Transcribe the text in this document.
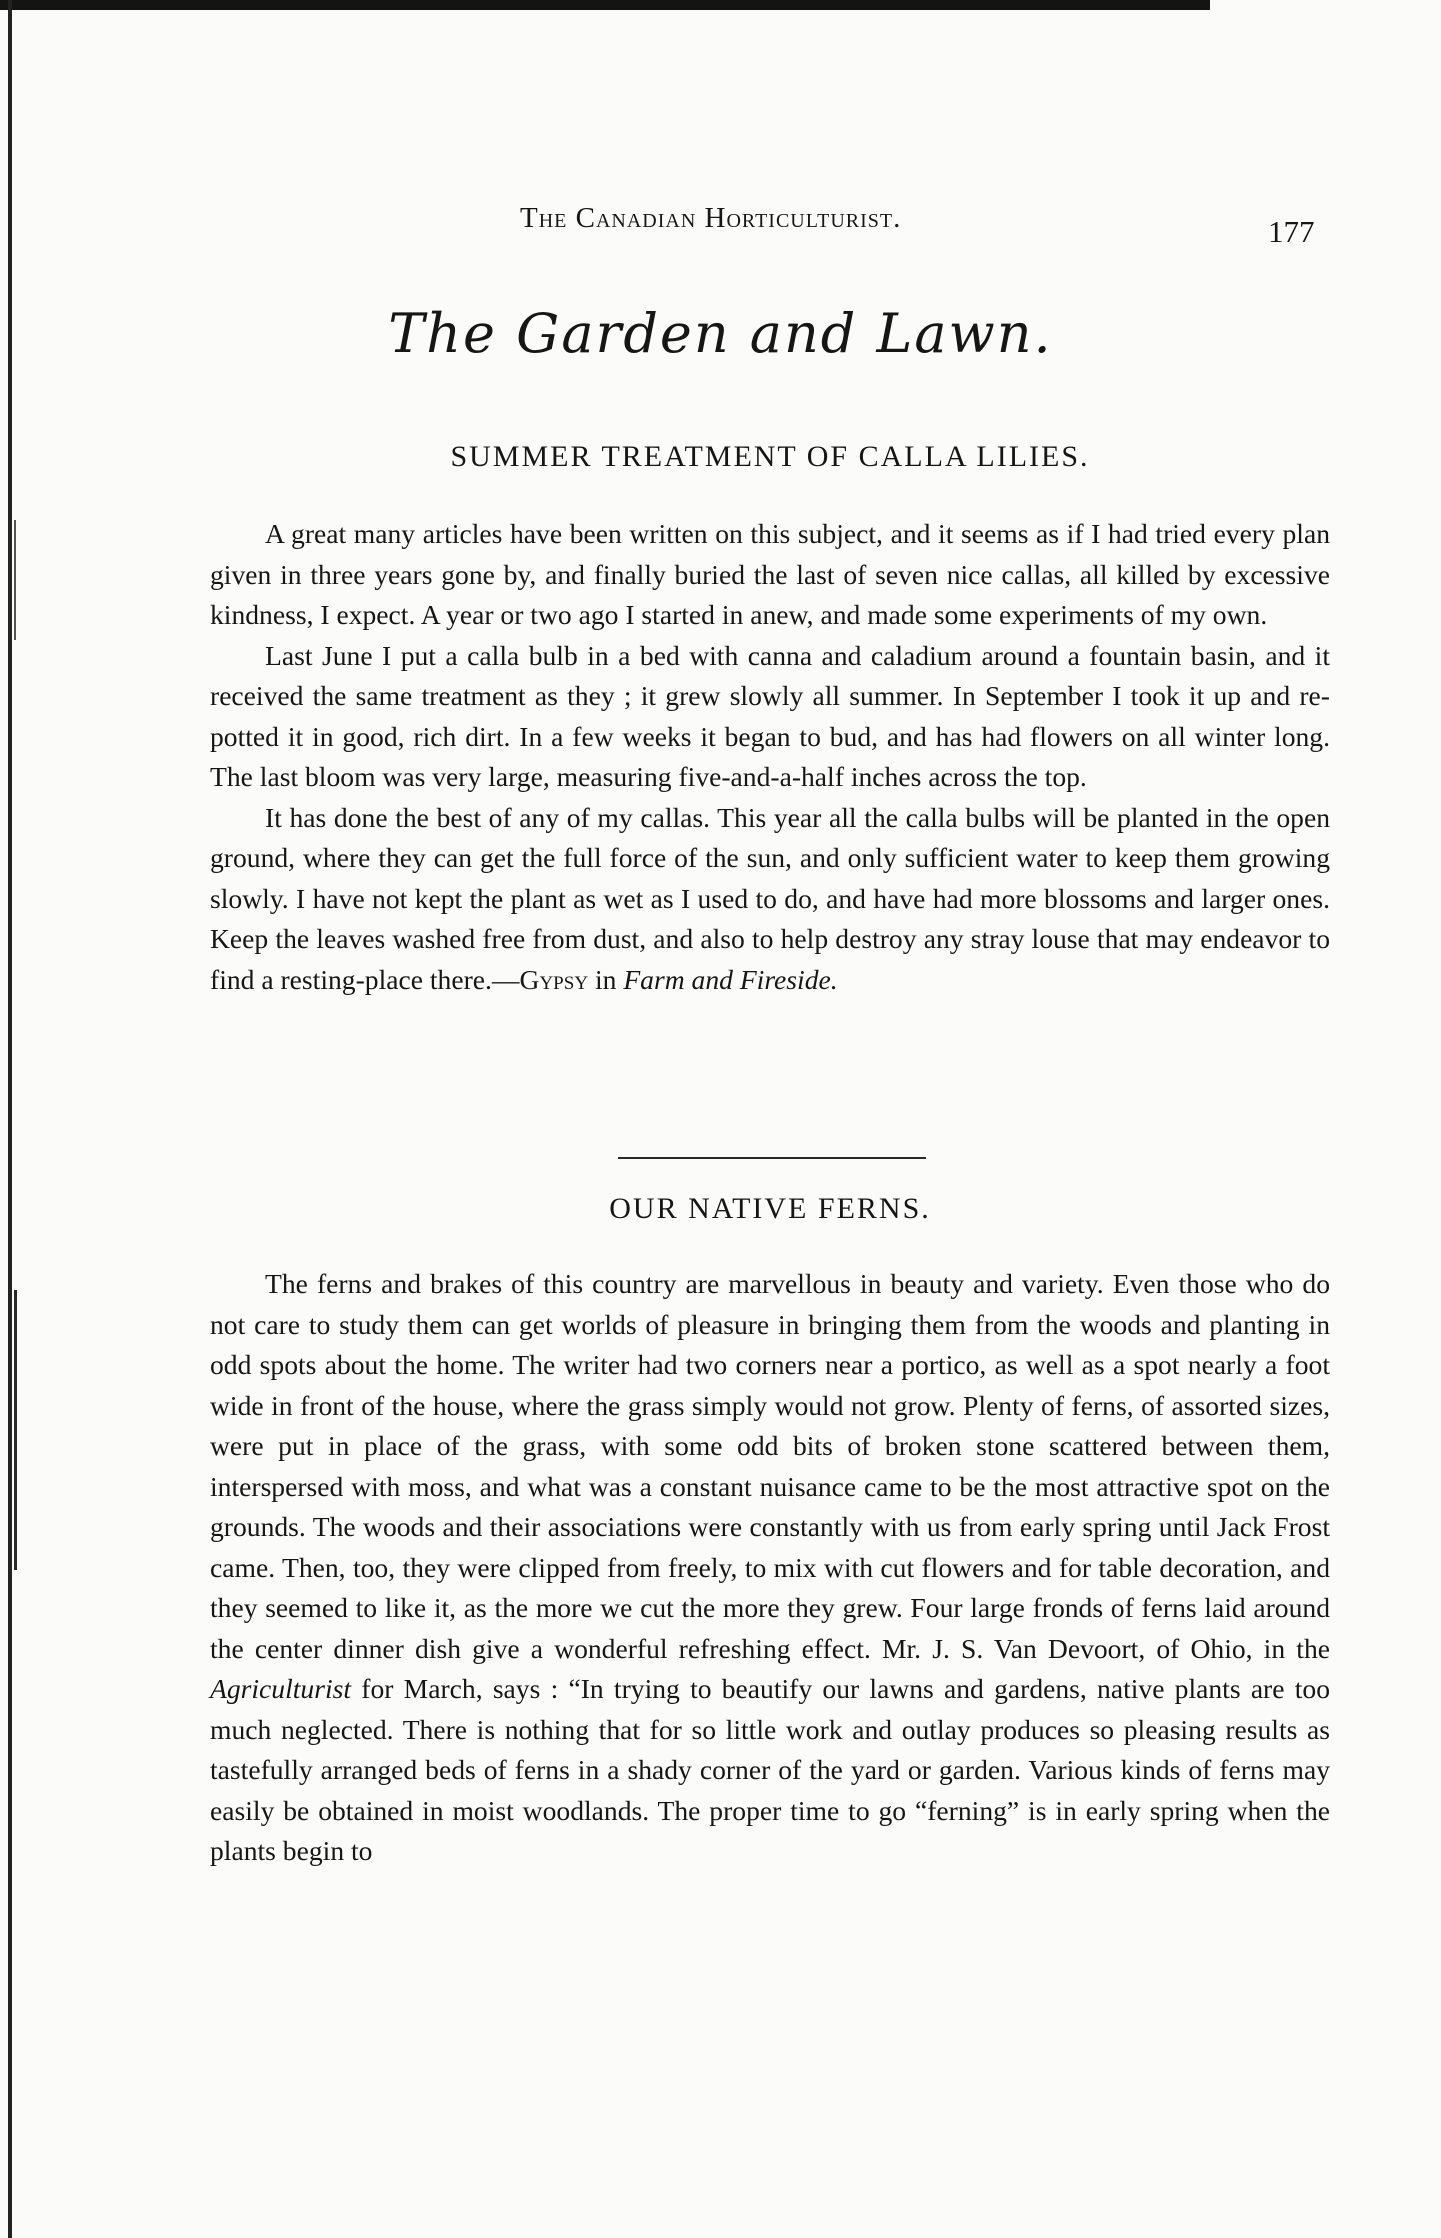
The Canadian Horticulturist.	177
The Garden and Lawn.
SUMMER TREATMENT OF CALLA LILIES.

A great many articles have been written on this subject, and it seems as if I had tried every plan given in three years gone by, and finally buried the last of seven nice callas, all killed by excessive kindness, I expect. A year or two ago I started in anew, and made some experiments of my own.

Last June I put a calla bulb in a bed with canna and caladium around a fountain basin, and it received the same treatment as they ; it grew slowly all summer. In September I took it up and re-potted it in good, rich dirt. In a few weeks it began to bud, and has had flowers on all winter long. The last bloom was very large, measuring five-and-a-half inches across the top.

It has done the best of any of my callas. This year all the calla bulbs will be planted in the open ground, where they can get the full force of the sun, and only sufficient water to keep them growing slowly. I have not kept the plant as wet as I used to do, and have had more blossoms and larger ones. Keep the leaves washed free from dust, and also to help destroy any stray louse that may endeavor to find a resting-place there.—Gypsy in Farm and Fireside.

OUR NATIVE FERNS.

The ferns and brakes of this country are marvellous in beauty and variety. Even those who do not care to study them can get worlds of pleasure in bringing them from the woods and planting in odd spots about the home. The writer had two corners near a portico, as well as a spot nearly a foot wide in front of the house, where the grass simply would not grow. Plenty of ferns, of assorted sizes, were put in place of the grass, with some odd bits of broken stone scattered between them, interspersed with moss, and what was a constant nuisance came to be the most attractive spot on the grounds. The woods and their associations were constantly with us from early spring until Jack Frost came. Then, too, they were clipped from freely, to mix with cut flowers and for table decoration, and they seemed to like it, as the more we cut the more they grew. Four large fronds of ferns laid around the center dinner dish give a wonderful refreshing effect. Mr. J. S. Van Devoort, of Ohio, in the Agriculturist for March, says : “In trying to beautify our lawns and gardens, native plants are too much neglected. There is nothing that for so little work and outlay produces so pleasing results as tastefully arranged beds of ferns in a shady corner of the yard or garden. Various kinds of ferns may easily be obtained in moist woodlands. The proper time to go “ferning” is in early spring when the plants begin to
